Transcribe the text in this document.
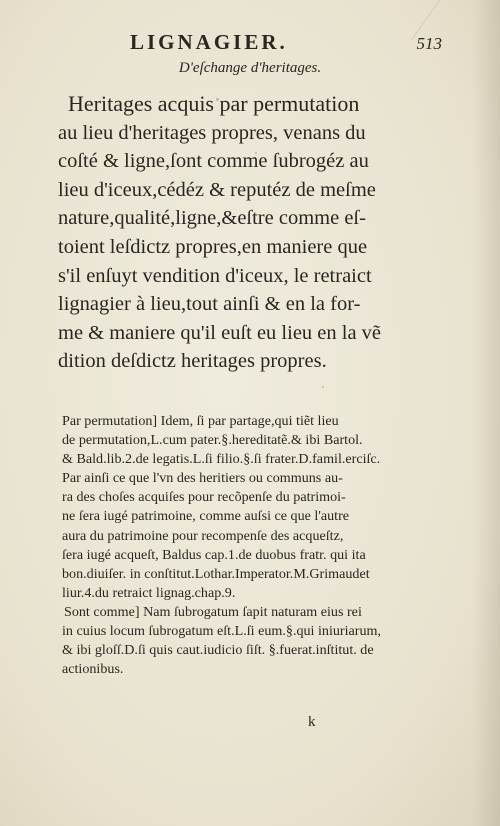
LIGNAGIER.	513
D'eſchange d'heritages.
Heritages acquis par permutation
au lieu d'heritages propres, venans du
coſté & ligne,ſont comme ſubrogéz au
lieu d'iceux,cédéz & reputéz de meſme
nature,qualité,ligne,&eſtre comme eſ-
toient leſdictz propres,en maniere que
s'il enſuyt vendition d'iceux, le retraict
lignagier à lieu,tout ainſi & en la for-
me & maniere qu'il euſt eu lieu en la vẽ
dition deſdictz heritages propres.
Par permutation] Idem, ſi par partage,qui tiẽt lieu
de permutation,L.cum pater.§.hereditatẽ.& ibi Bartol.
& Bald.lib.2.de legatis.L.ſi filio.§.ſi frater.D.famil.erciſc.
Par ainſi ce que l'vn des heritiers ou communs au-
ra des choſes acquiſes pour recõpenſe du patrimoi-
ne ſera iugé patrimoine, comme auſsi ce que l'autre
aura du patrimoine pour recompenſe des acqueſtz,
ſera iugé acqueſt, Baldus cap.1.de duobus fratr. qui ita
bon.diuiſer. in conſtitut.Lothar.Imperator.M.Grimaudet
liur.4.du retraict lignag.chap.9.
Sont comme] Nam ſubrogatum ſapit naturam eius rei
in cuius locum ſubrogatum eſt.L.ſi eum.§.qui iniuriarum,
& ibi gloſſ.D.ſi quis caut.iudicio ſiſt. §.fuerat.inſtitut. de
actionibus.
k
